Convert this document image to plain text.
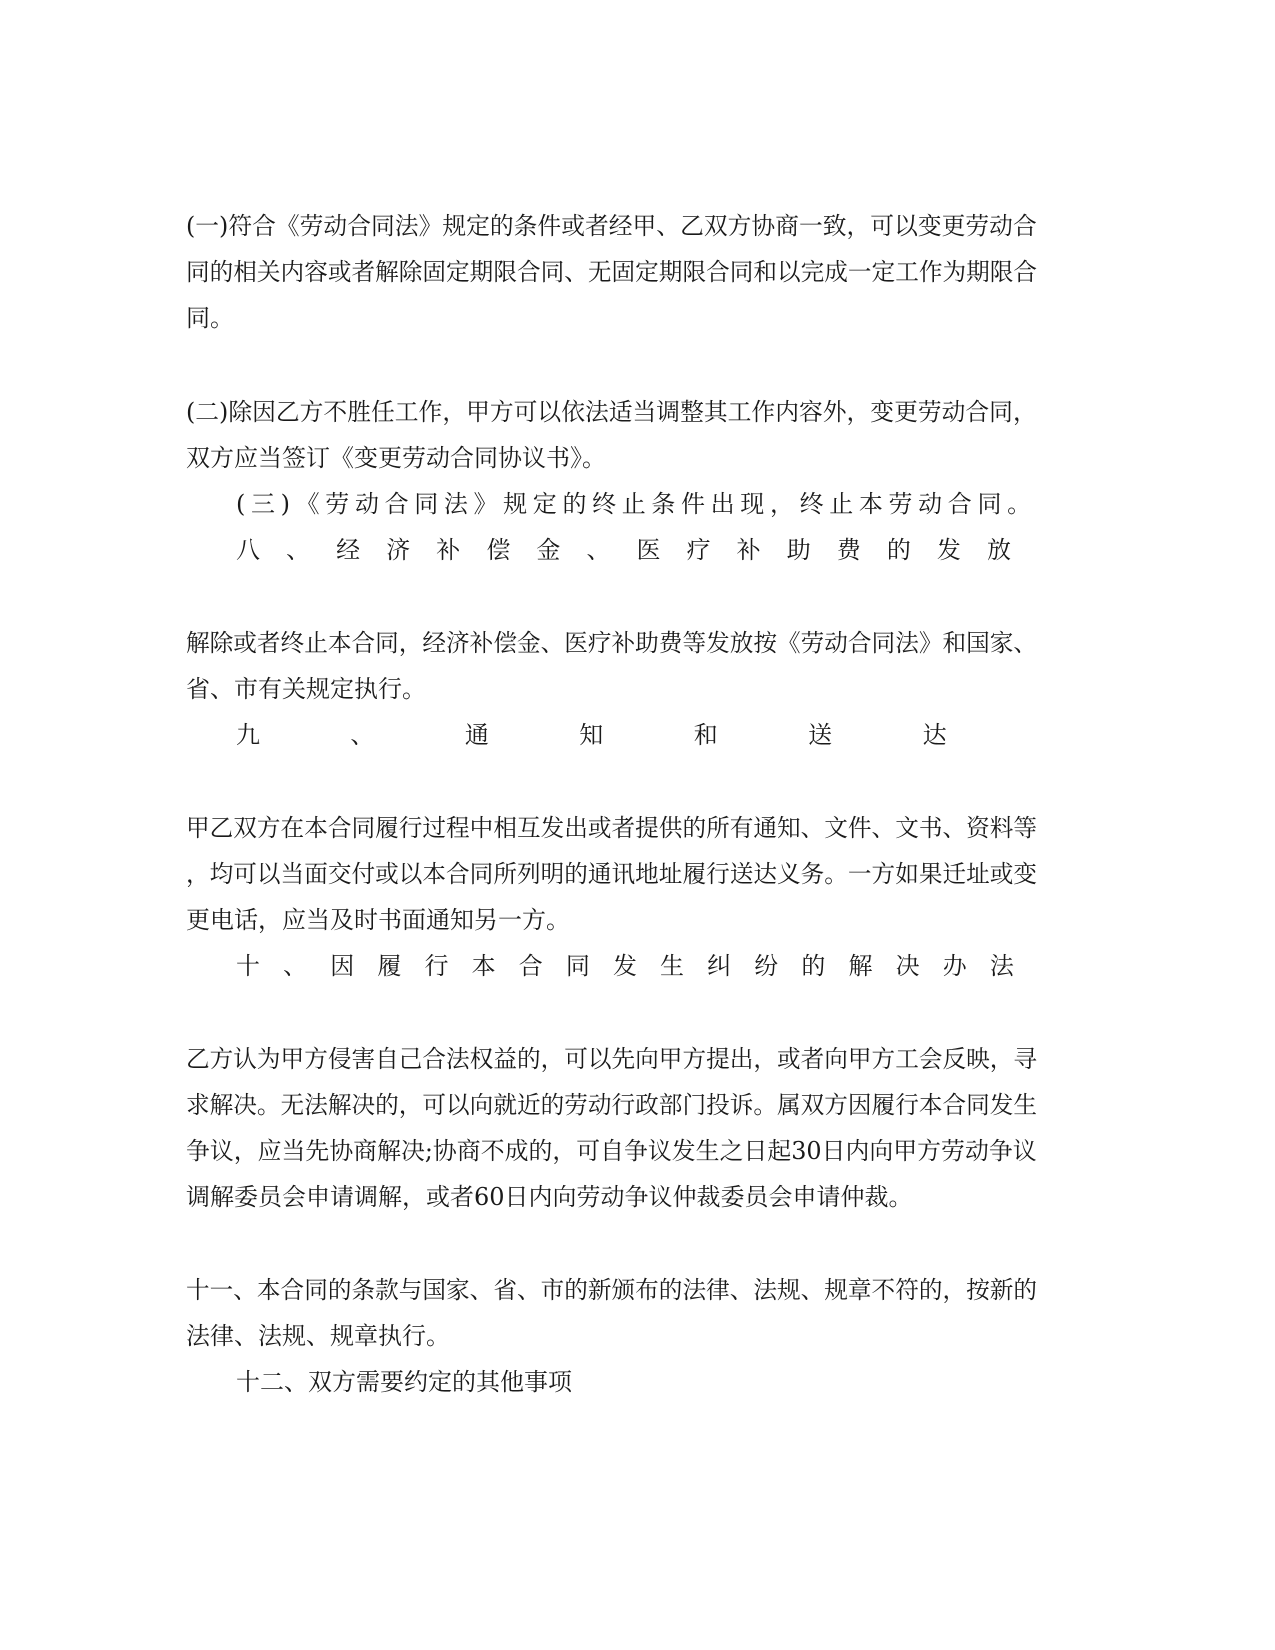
(一)符合《劳动合同法》规定的条件或者经甲、乙双方协商一致，可以变更劳动合
同的相关内容或者解除固定期限合同、无固定期限合同和以完成一定工作为期限合
同。
(二)除因乙方不胜任工作，甲方可以依法适当调整其工作内容外，变更劳动合同，
双方应当签订《变更劳动合同协议书》。
(三)《劳动合同法》规定的终止条件出现，终止本劳动合同。
八、经济补偿金、医疗补助费的发放
解除或者终止本合同，经济补偿金、医疗补助费等发放按《劳动合同法》和国家、
省、市有关规定执行。
九、通知和送达
甲乙双方在本合同履行过程中相互发出或者提供的所有通知、文件、文书、资料等
，均可以当面交付或以本合同所列明的通讯地址履行送达义务。一方如果迁址或变
更电话，应当及时书面通知另一方。
十、因履行本合同发生纠纷的解决办法
乙方认为甲方侵害自己合法权益的，可以先向甲方提出，或者向甲方工会反映，寻
求解决。无法解决的，可以向就近的劳动行政部门投诉。属双方因履行本合同发生
争议，应当先协商解决;协商不成的，可自争议发生之日起30日内向甲方劳动争议
调解委员会申请调解，或者60日内向劳动争议仲裁委员会申请仲裁。
十一、本合同的条款与国家、省、市的新颁布的法律、法规、规章不符的，按新的
法律、法规、规章执行。
十二、双方需要约定的其他事项
